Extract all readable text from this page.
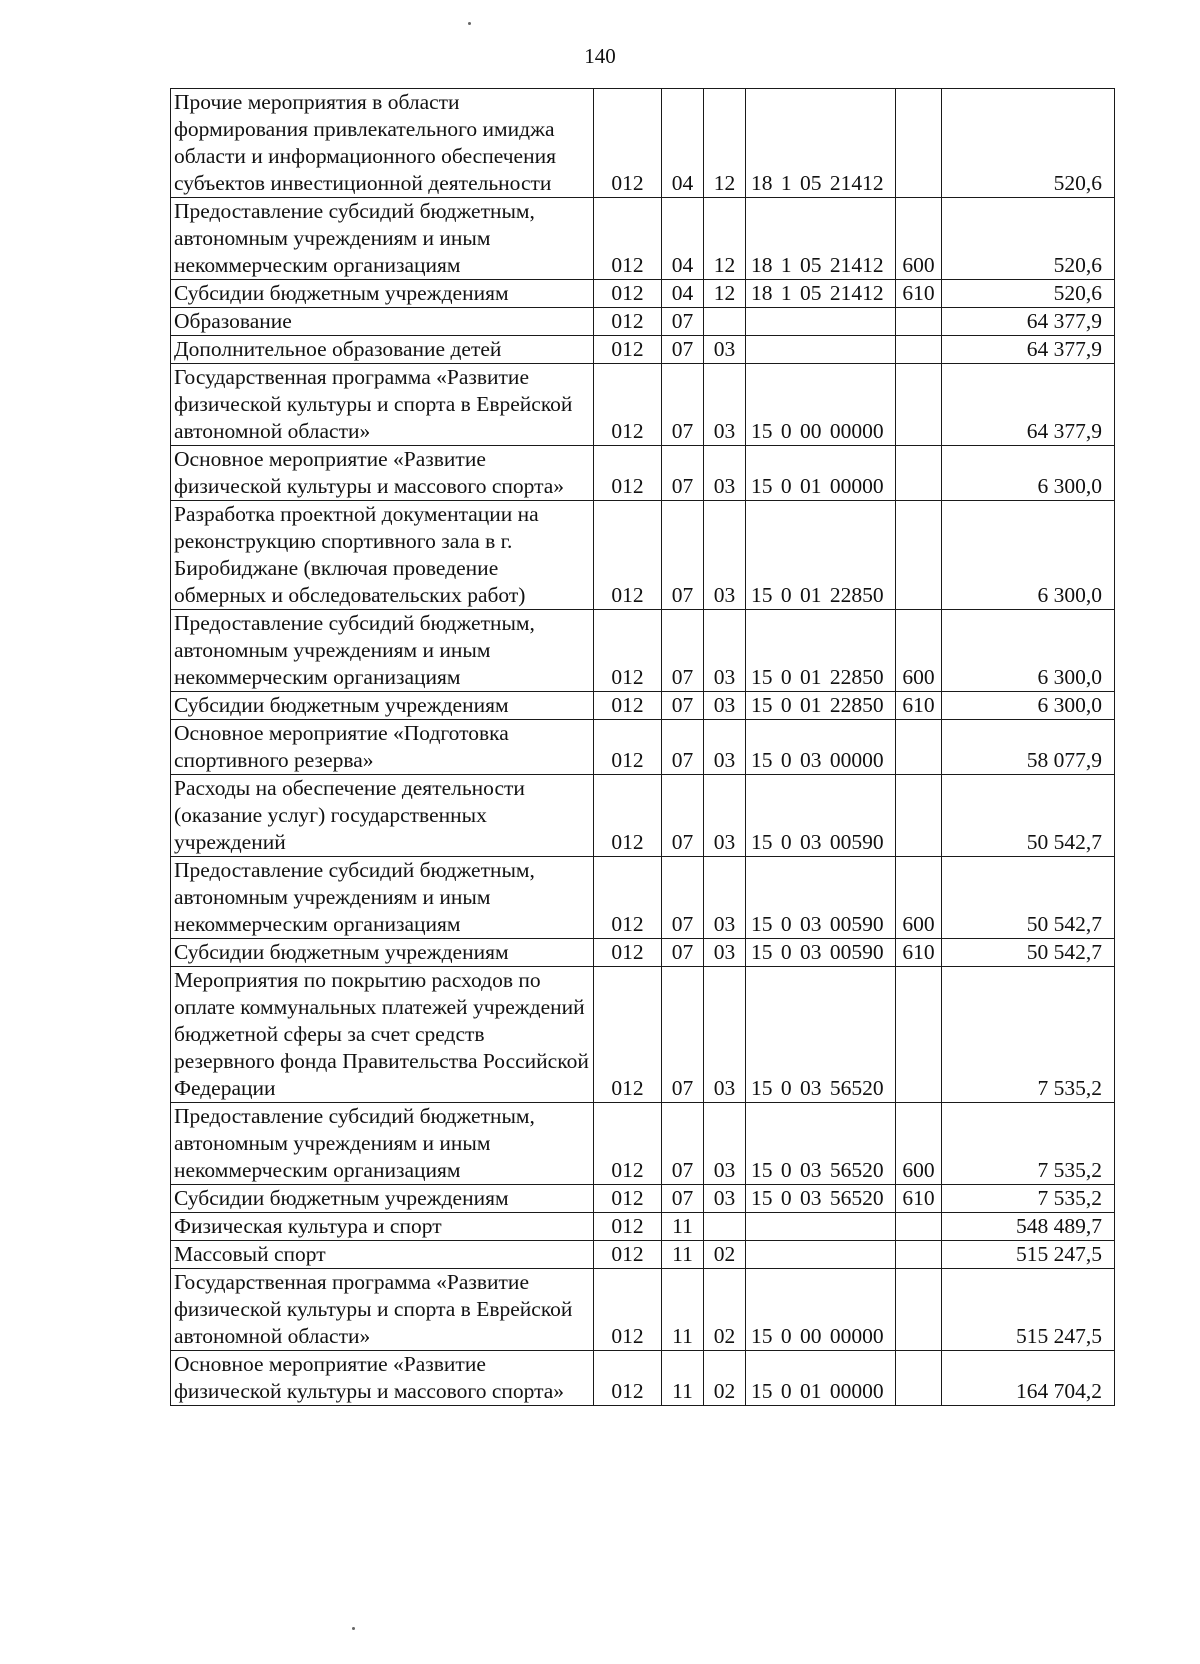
140
Прочие мероприятия в области формирования привлекательного имиджа области и информационного обеспечения субъектов инвестиционной деятельности	012	04	12	18 1 05 21412		520,6
Предоставление субсидий бюджетным, автономным учреждениям и иным некоммерческим организациям	012	04	12	18 1 05 21412	600	520,6
Субсидии бюджетным учреждениям	012	04	12	18 1 05 21412	610	520,6
Образование	012	07				64 377,9
Дополнительное образование детей	012	07	03			64 377,9
Государственная программа «Развитие физической культуры и спорта в Еврейской автономной области»	012	07	03	15 0 00 00000		64 377,9
Основное мероприятие «Развитие физической культуры и массового спорта»	012	07	03	15 0 01 00000		6 300,0
Разработка проектной документации на реконструкцию спортивного зала в г. Биробиджане (включая проведение обмерных и обследовательских работ)	012	07	03	15 0 01 22850		6 300,0
Предоставление субсидий бюджетным, автономным учреждениям и иным некоммерческим организациям	012	07	03	15 0 01 22850	600	6 300,0
Субсидии бюджетным учреждениям	012	07	03	15 0 01 22850	610	6 300,0
Основное мероприятие «Подготовка спортивного резерва»	012	07	03	15 0 03 00000		58 077,9
Расходы на обеспечение деятельности (оказание услуг) государственных учреждений	012	07	03	15 0 03 00590		50 542,7
Предоставление субсидий бюджетным, автономным учреждениям и иным некоммерческим организациям	012	07	03	15 0 03 00590	600	50 542,7
Субсидии бюджетным учреждениям	012	07	03	15 0 03 00590	610	50 542,7
Мероприятия по покрытию расходов по оплате коммунальных платежей учреждений бюджетной сферы за счет средств резервного фонда Правительства Российской Федерации	012	07	03	15 0 03 56520		7 535,2
Предоставление субсидий бюджетным, автономным учреждениям и иным некоммерческим организациям	012	07	03	15 0 03 56520	600	7 535,2
Субсидии бюджетным учреждениям	012	07	03	15 0 03 56520	610	7 535,2
Физическая культура и спорт	012	11				548 489,7
Массовый спорт	012	11	02			515 247,5
Государственная программа «Развитие физической культуры и спорта в Еврейской автономной области»	012	11	02	15 0 00 00000		515 247,5
Основное мероприятие «Развитие физической культуры и массового спорта»	012	11	02	15 0 01 00000		164 704,2
